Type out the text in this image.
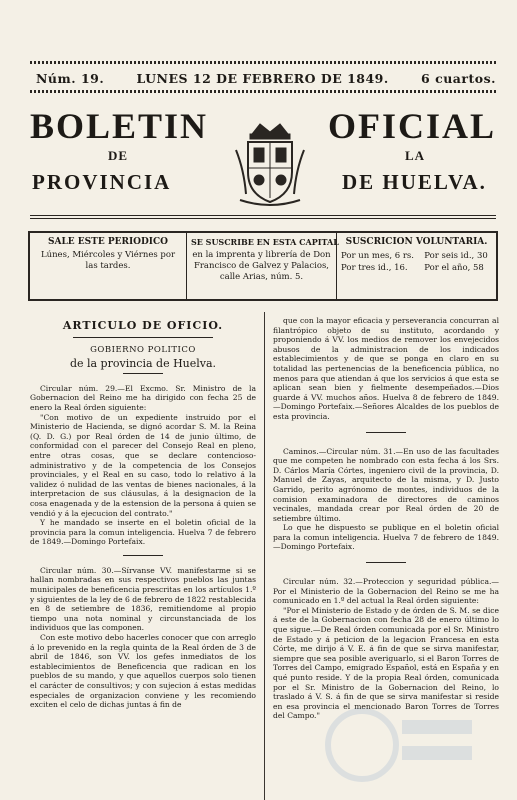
Núm. 19.	LUNES 12 DE FEBRERO DE 1849.	6 cuartos.
BOLETIN	OFICIAL
DE	LA
PROVINCIA	DE HUELVA.
SALE ESTE PERIODICO
Lúnes, Miércoles y Viérnes por las tardes.
SE SUSCRIBE EN ESTA CAPITAL
en la imprenta y librería de Don Francisco de Galvez y Palacios, calle Arias, núm. 5.
SUSCRICION VOLUNTARIA.
Por un mes, 6 rs.	Por seis id., 30
Por tres id., 16.	Por el año, 58
ARTICULO DE OFICIO.
GOBIERNO POLITICO
de la provincia de Huelva.

Circular núm. 29.—El Excmo. Sr. Ministro de la Gobernacion del Reino me ha dirigido con fecha 25 de enero la Real órden siguiente:

"Con motivo de un expediente instruido por el Ministerio de Hacienda, se dignó acordar S. M. la Reina (Q. D. G.) por Real órden de 14 de junio último, de conformidad con el parecer del Consejo Real en pleno, entre otras cosas, que se declare contencioso-administrativo y de la competencia de los Consejos provinciales, y el Real en su caso, todo lo relativo á la validez ó nulidad de las ventas de bienes nacionales, á la interpretacion de sus cláusulas, á la designacion de la cosa enagenada y de la estension de la persona á quien se vendió y á la ejecucion del contrato."

Y he mandado se inserte en el boletin oficial de la provincia para la comun inteligencia. Huelva 7 de febrero de 1849.—Domingo Portefaix.

Circular núm. 30.—Sírvanse VV. manifestarme si se hallan nombradas en sus respectivos pueblos las juntas municipales de beneficencia prescritas en los artículos 1.º y siguientes de la ley de 6 de febrero de 1822 restablecida en 8 de setiembre de 1836, remitiendome al propio tiempo una nota nominal y circunstanciada de los individuos que las componen.

Con este motivo debo hacerles conocer que con arreglo á lo prevenido en la regla quinta de la Real órden de 3 de abril de 1846, son VV. los gefes inmediatos de los establecimientos de Beneficencia que radican en los pueblos de su mando, y que aquellos cuerpos solo tienen el carácter de consultivos; y con sujecion á estas medidas especiales de organizacion conviene y les recomiendo exciten el celo de dichas juntas á fin de

que con la mayor eficacia y perseverancia concurran al filantrópico objeto de su instituto, acordando y proponiendo á VV. los medios de remover los envejecidos abusos de la administracion de los indicados establecimientos y de que se ponga en claro en su totalidad las pertenencias de la beneficencia pública, no menos para que atiendan á que los servicios á que esta se aplican sean bien y fielmente desempeñados.—Dios guarde á VV. muchos años. Huelva 8 de febrero de 1849.—Domingo Portefaix.—Señores Alcaldes de los pueblos de esta provincia.

Caminos.—Circular núm. 31.—En uso de las facultades que me competen he nombrado con esta fecha á los Srs. D. Cárlos María Córtes, ingeniero civil de la provincia, D. Manuel de Zayas, arquitecto de la misma, y D. Justo Garrido, perito agrónomo de montes, individuos de la comision examinadora de directores de caminos vecinales, mandada crear por Real órden de 20 de setiembre último.

Lo que he dispuesto se publique en el boletin oficial para la comun inteligencia. Huelva 7 de febrero de 1849.—Domingo Portefaix.

Circular núm. 32.—Proteccion y seguridad pública.—Por el Ministerio de la Gobernacion del Reino se me ha comunicado en 1.º del actual la Real órden siguiente:

"Por el Ministerio de Estado y de órden de S. M. se dice á este de la Gobernacion con fecha 28 de enero último lo que sigue.—De Real órden comunicada por el Sr. Ministro de Estado y á peticion de la legacion Francesa en esta Córte, me dirijo á V. E. á fin de que se sirva manifestar, siempre que sea posible averiguarlo, si el Baron Torres de Torres del Campo, emigrado Español, está en España y en qué punto reside. Y de la propia Real órden, comunicada por el Sr. Ministro de la Gobernacion del Reino, lo traslado á V. S. á fin de que se sirva manifestar si reside en esa provincia el mencionado Baron Torres de Torres del Campo."
